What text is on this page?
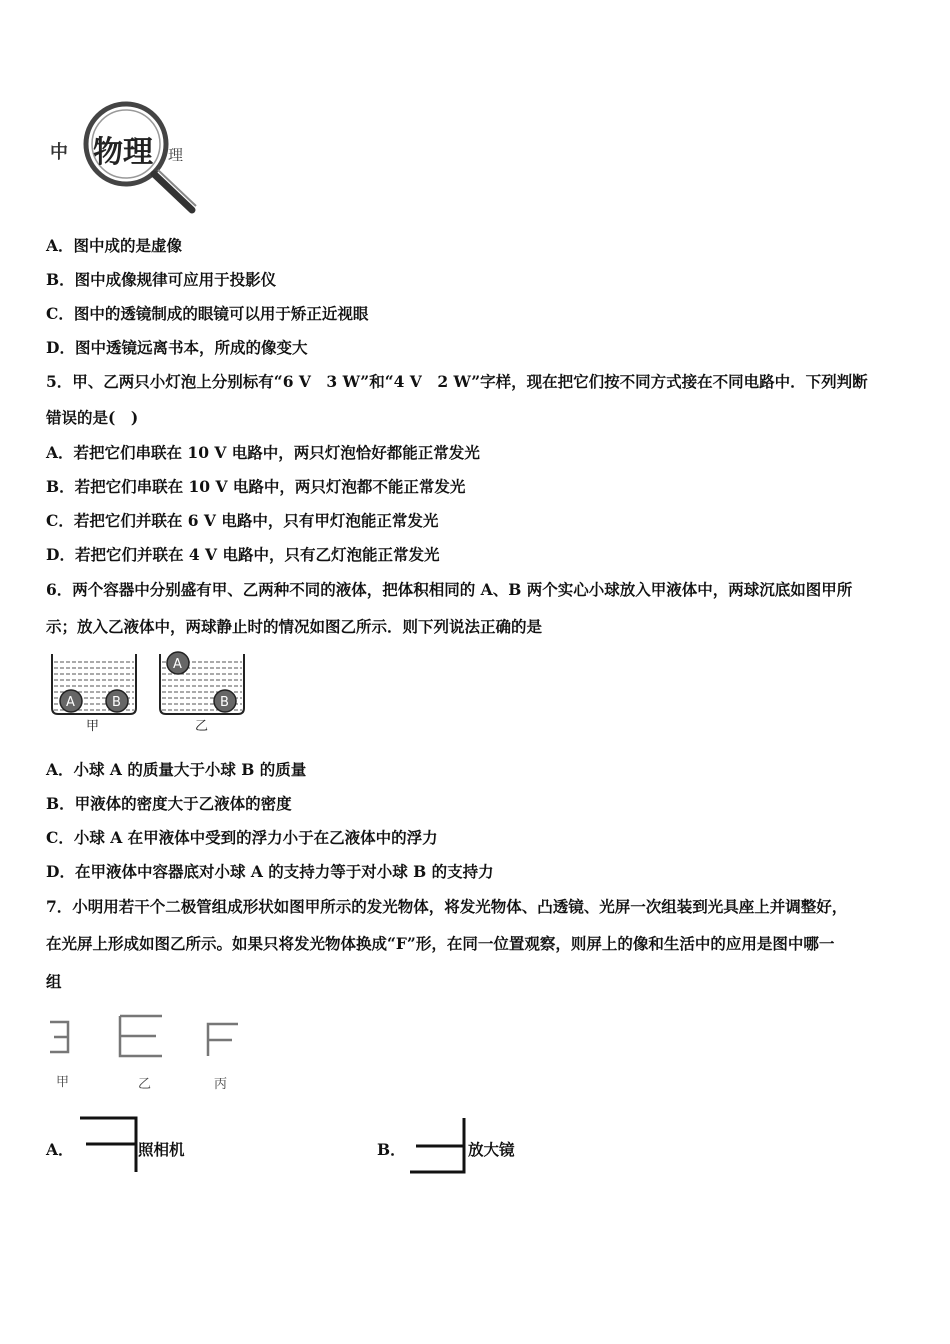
中 物理 理
A．图中成的是虚像
B．图中成像规律可应用于投影仪
C．图中的透镜制成的眼镜可以用于矫正近视眼
D．图中透镜远离书本，所成的像变大
5．甲、乙两只小灯泡上分别标有“6 V　3 W”和“4 V　2 W”字样，现在把它们按不同方式接在不同电路中．下列判断
错误的是(　)
A．若把它们串联在 10 V 电路中，两只灯泡恰好都能正常发光
B．若把它们串联在 10 V 电路中，两只灯泡都不能正常发光
C．若把它们并联在 6 V 电路中，只有甲灯泡能正常发光
D．若把它们并联在 4 V 电路中，只有乙灯泡能正常发光
6．两个容器中分别盛有甲、乙两种不同的液体，把体积相同的 A、B 两个实心小球放入甲液体中，两球沉底如图甲所
示；放入乙液体中，两球静止时的情况如图乙所示．则下列说法正确的是
A	B
甲
A
B
乙
A．小球 A 的质量大于小球 B 的质量
B．甲液体的密度大于乙液体的密度
C．小球 A 在甲液体中受到的浮力小于在乙液体中的浮力
D．在甲液体中容器底对小球 A 的支持力等于对小球 B 的支持力
7．小明用若干个二极管组成形状如图甲所示的发光物体，将发光物体、凸透镜、光屏一次组装到光具座上并调整好，
在光屏上形成如图乙所示。如果只将发光物体换成“F”形，在同一位置观察，则屏上的像和生活中的应用是图中哪一
组
甲	乙	丙
A．	照相机	B．	放大镜
